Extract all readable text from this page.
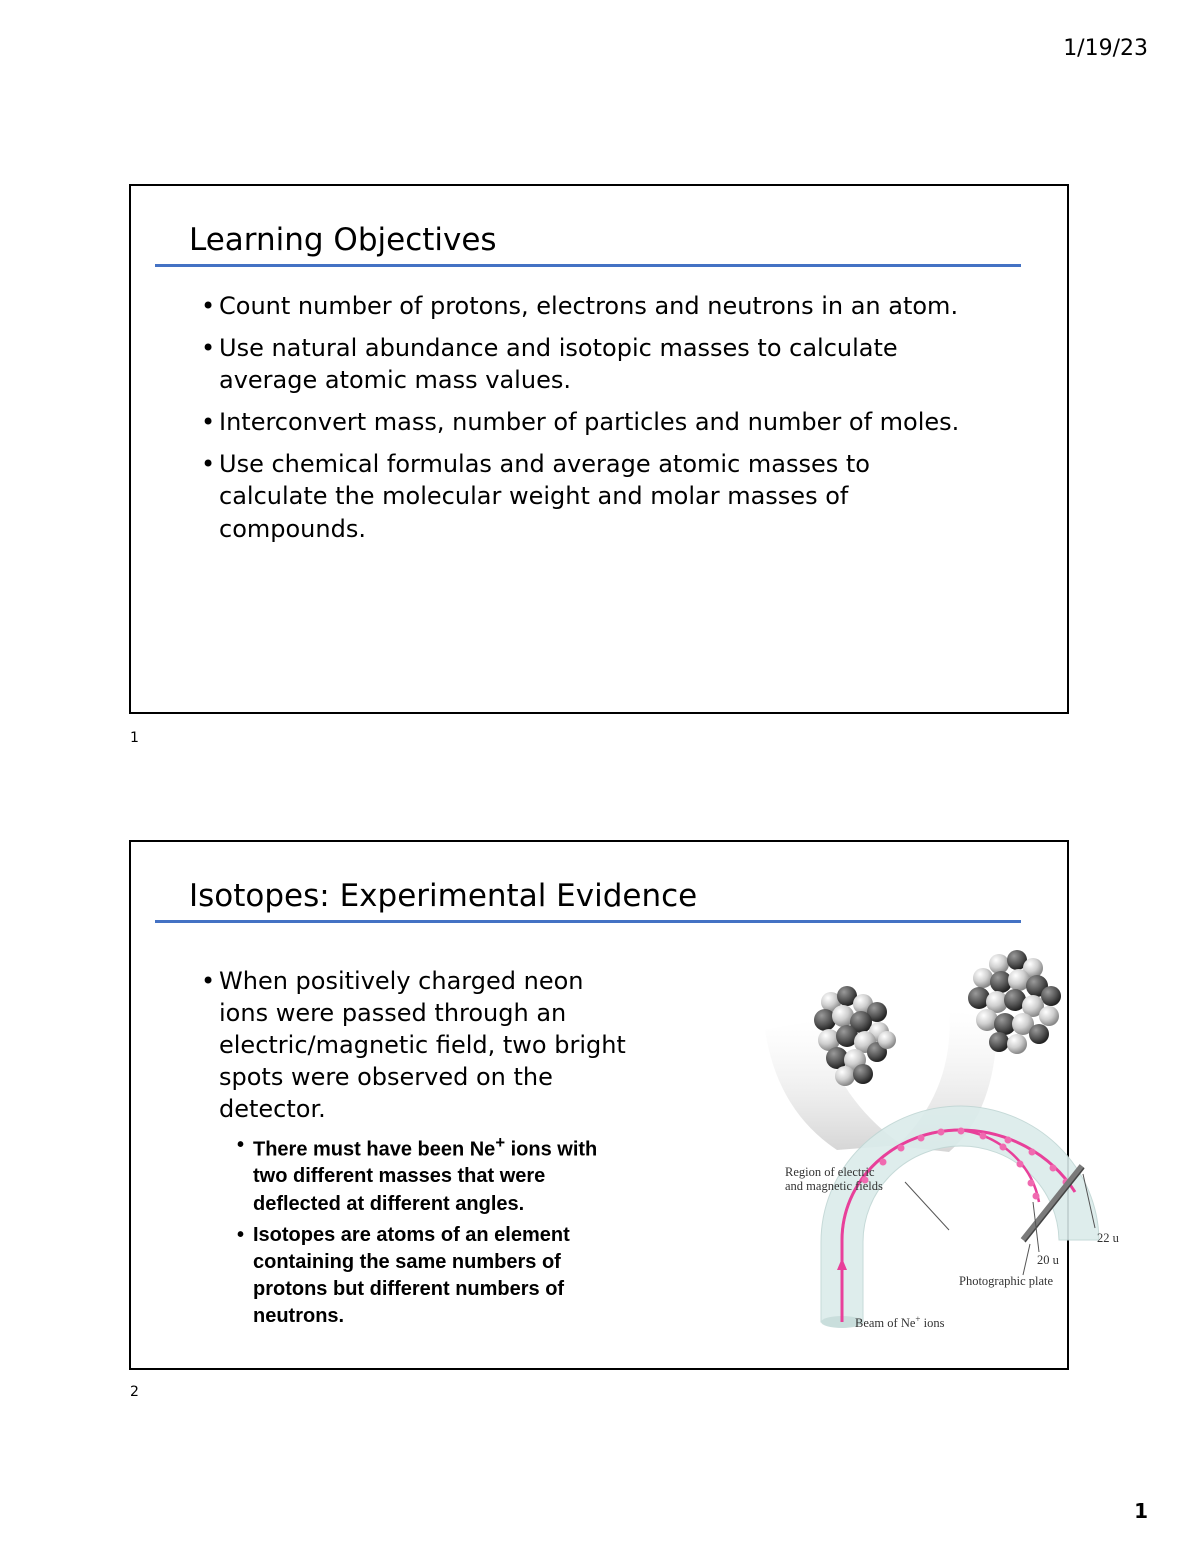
1/19/23
Learning Objectives
• Count number of protons, electrons and neutrons in an atom.
• Use natural abundance and isotopic masses to calculate average atomic mass values.
• Interconvert mass, number of particles and number of moles.
• Use chemical formulas and average atomic masses to calculate the molecular weight and molar masses of compounds.
1
Isotopes: Experimental Evidence
• When positively charged neon ions were passed through an electric/magnetic field, two bright spots were observed on the detector.
• There must have been Ne+ ions with two different masses that were deflected at different angles.
• Isotopes are atoms of an element containing the same numbers of protons but different numbers of neutrons.
Region of electric
and magnetic fields
22 u
20 u
Photographic plate
Beam of Ne+ ions
2
1
